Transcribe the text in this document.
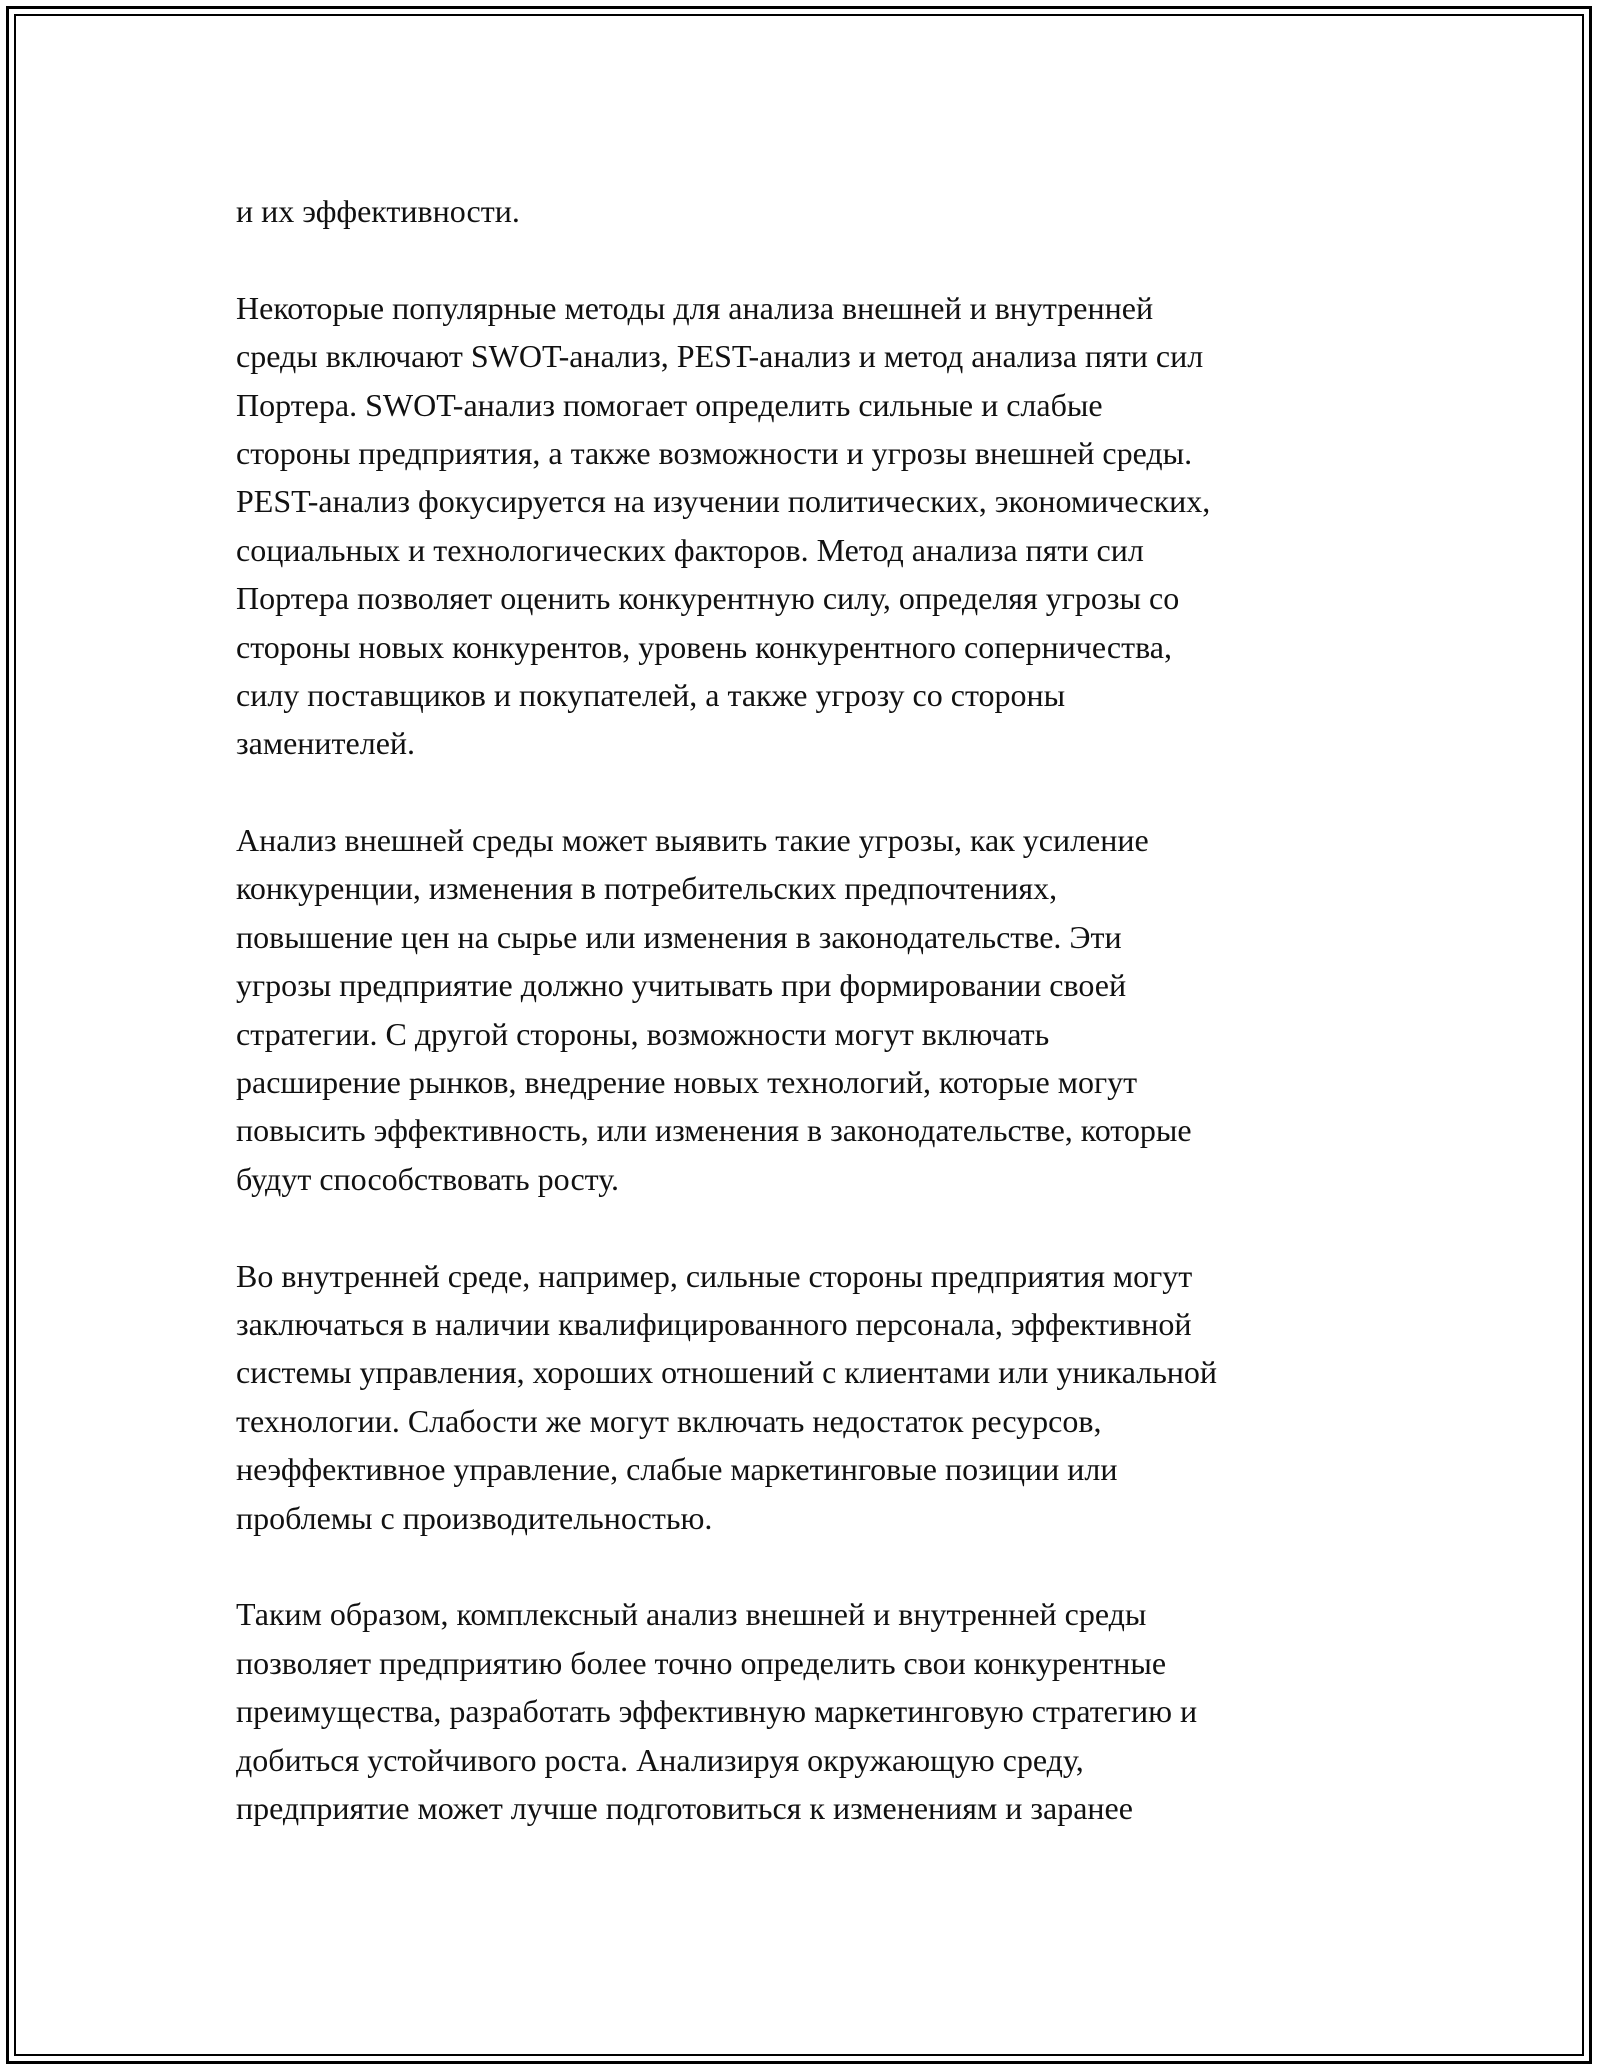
и их эффективности.
Некоторые популярные методы для анализа внешней и внутренней
среды включают SWOT-анализ, PEST-анализ и метод анализа пяти сил
Портера. SWOT-анализ помогает определить сильные и слабые
стороны предприятия, а также возможности и угрозы внешней среды.
PEST-анализ фокусируется на изучении политических, экономических,
социальных и технологических факторов. Метод анализа пяти сил
Портера позволяет оценить конкурентную силу, определяя угрозы со
стороны новых конкурентов, уровень конкурентного соперничества,
силу поставщиков и покупателей, а также угрозу со стороны
заменителей.
Анализ внешней среды может выявить такие угрозы, как усиление
конкуренции, изменения в потребительских предпочтениях,
повышение цен на сырье или изменения в законодательстве. Эти
угрозы предприятие должно учитывать при формировании своей
стратегии. С другой стороны, возможности могут включать
расширение рынков, внедрение новых технологий, которые могут
повысить эффективность, или изменения в законодательстве, которые
будут способствовать росту.
Во внутренней среде, например, сильные стороны предприятия могут
заключаться в наличии квалифицированного персонала, эффективной
системы управления, хороших отношений с клиентами или уникальной
технологии. Слабости же могут включать недостаток ресурсов,
неэффективное управление, слабые маркетинговые позиции или
проблемы с производительностью.
Таким образом, комплексный анализ внешней и внутренней среды
позволяет предприятию более точно определить свои конкурентные
преимущества, разработать эффективную маркетинговую стратегию и
добиться устойчивого роста. Анализируя окружающую среду,
предприятие может лучше подготовиться к изменениям и заранее
